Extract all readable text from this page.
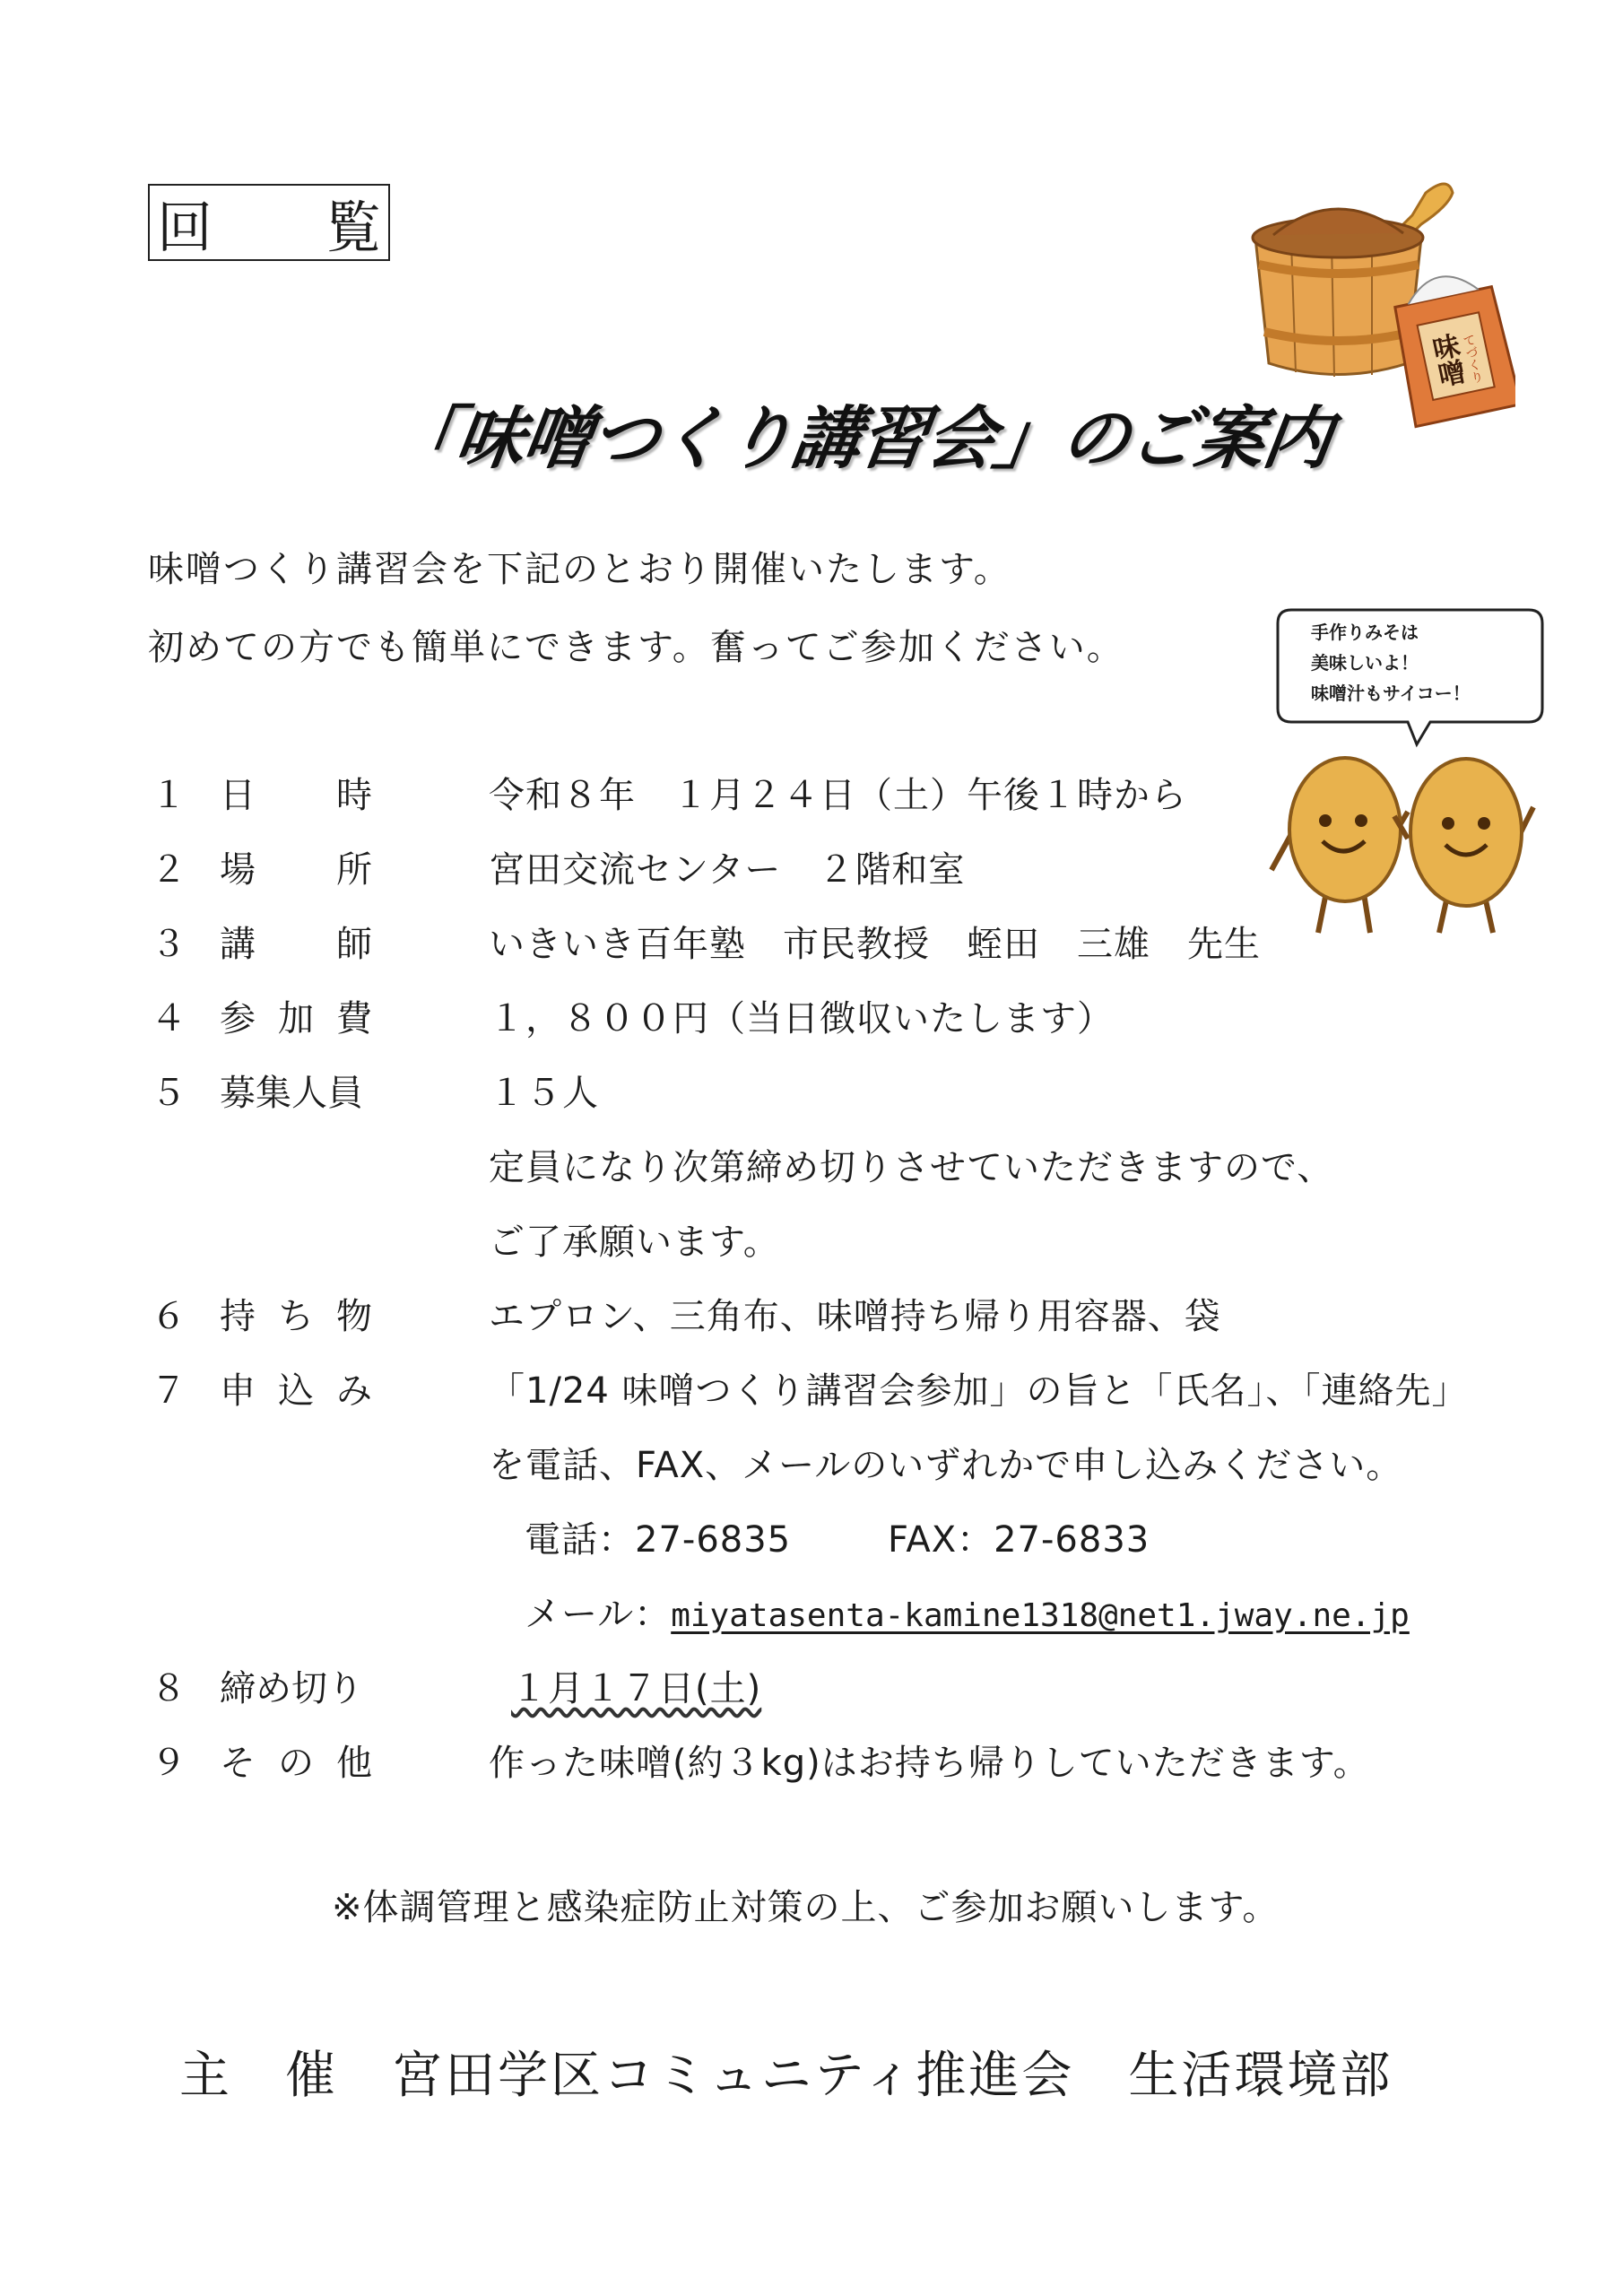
回 覧
味噌
てづくり
「味噌つくり講習会」のご案内
味噌つくり講習会を下記のとおり開催いたします。
初めての方でも簡単にできます。奮ってご参加ください。	手作りみそは
美味しいよ！
味噌汁もサイコー！
１ 日 時	令和８年　１月２４日（土）午後１時から
２ 場 所	宮田交流センター　２階和室
３ 講 師	いきいき百年塾　市民教授　蛭田　三雄　先生
４ 参 加 費	１，８００円（当日徴収いたします）
５ 募集人員	１５人
定員になり次第締め切りさせていただきますので、
ご了承願います。
６ 持 ち 物	エプロン、三角布、味噌持ち帰り用容器、袋
７ 申 込 み	「1/24 味噌つくり講習会参加」の旨と「氏名」、「連絡先」
を電話、FAX、メールのいずれかで申し込みください。
電話：27-6835	FAX：27-6833
メール：miyatasenta-kamine1318@net1.jway.ne.jp
８ 締め切り	１月１７日(土)
９ そ の 他	作った味噌(約３kg)はお持ち帰りしていただきます。
※体調管理と感染症防止対策の上、ご参加お願いします。
主　催 宮田学区コミュニティ推進会 生活環境部
